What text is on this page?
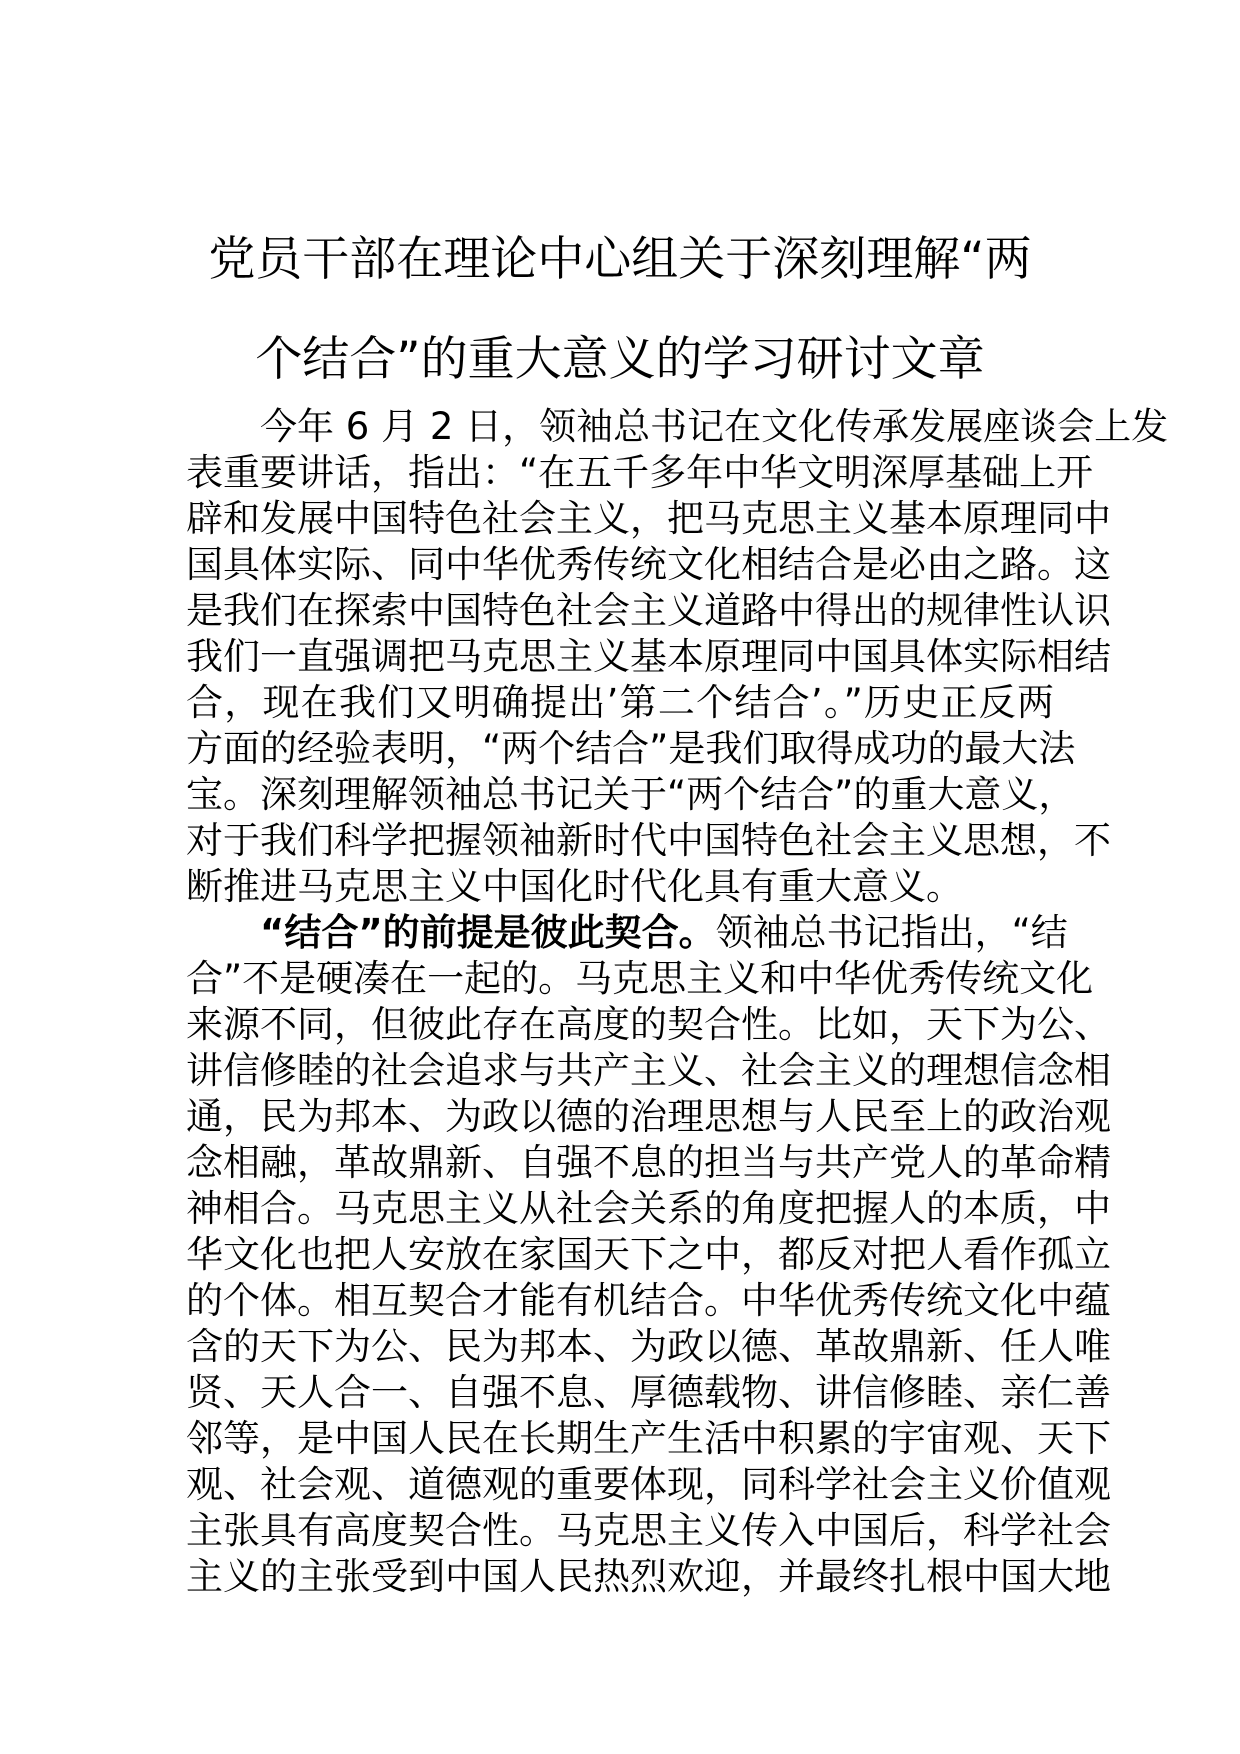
党员干部在理论中心组关于深刻理解“两
个结合”的重大意义的学习研讨文章
今年 6 月 2 日，领袖总书记在文化传承发展座谈会上发
表重要讲话，指出：“在五千多年中华文明深厚基础上开
辟和发展中国特色社会主义，把马克思主义基本原理同中
国具体实际、同中华优秀传统文化相结合是必由之路。这
是我们在探索中国特色社会主义道路中得出的规律性认识
我们一直强调把马克思主义基本原理同中国具体实际相结
合，现在我们又明确提出’第二个结合’。”历史正反两
方面的经验表明，“两个结合”是我们取得成功的最大法
宝。深刻理解领袖总书记关于“两个结合”的重大意义，
对于我们科学把握领袖新时代中国特色社会主义思想，不
断推进马克思主义中国化时代化具有重大意义。
“结合”的前提是彼此契合。领袖总书记指出，“结
合”不是硬凑在一起的。马克思主义和中华优秀传统文化
来源不同，但彼此存在高度的契合性。比如，天下为公、
讲信修睦的社会追求与共产主义、社会主义的理想信念相
通，民为邦本、为政以德的治理思想与人民至上的政治观
念相融，革故鼎新、自强不息的担当与共产党人的革命精
神相合。马克思主义从社会关系的角度把握人的本质，中
华文化也把人安放在家国天下之中，都反对把人看作孤立
的个体。相互契合才能有机结合。中华优秀传统文化中蕴
含的天下为公、民为邦本、为政以德、革故鼎新、任人唯
贤、天人合一、自强不息、厚德载物、讲信修睦、亲仁善
邻等，是中国人民在长期生产生活中积累的宇宙观、天下
观、社会观、道德观的重要体现，同科学社会主义价值观
主张具有高度契合性。马克思主义传入中国后，科学社会
主义的主张受到中国人民热烈欢迎，并最终扎根中国大地
